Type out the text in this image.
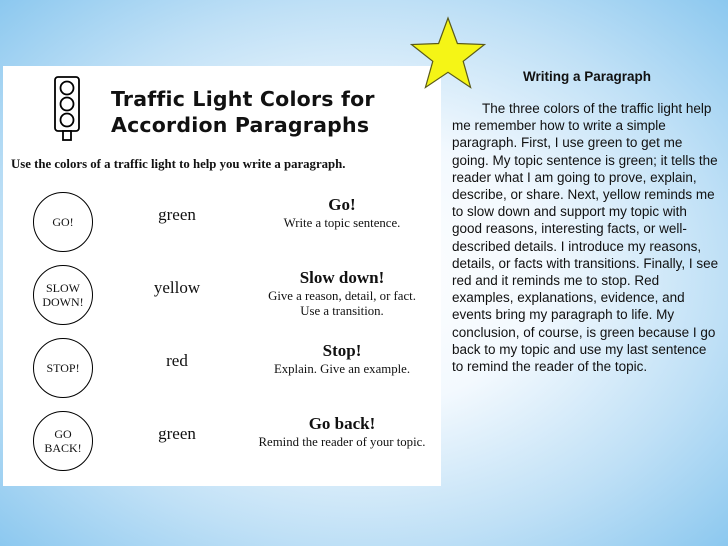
Traffic Light Colors for
Accordion Paragraphs
Use the colors of a traffic light to help you write a paragraph.
GO!	green
Go!
Write a topic sentence.
SLOW
DOWN!
yellow
Slow down!
Give a reason, detail, or fact.
Use a transition.
STOP!	red
Stop!
Explain. Give an example.
GO
BACK!
green
Go back!
Remind the reader of your topic.
Writing a Paragraph
The three colors of the traffic light help me remember how to write a simple paragraph. First, I use green to get me going. My topic sentence is green; it tells the reader what I am going to prove, explain, describe, or share. Next, yellow reminds me to slow down and support my topic with good reasons, interesting facts, or well-described details. I introduce my reasons, details, or facts with transitions. Finally, I see red and it reminds me to stop. Red examples, explanations, evidence, and events bring my paragraph to life. My conclusion, of course, is green because I go back to my topic and use my last sentence to remind the reader of the topic.
